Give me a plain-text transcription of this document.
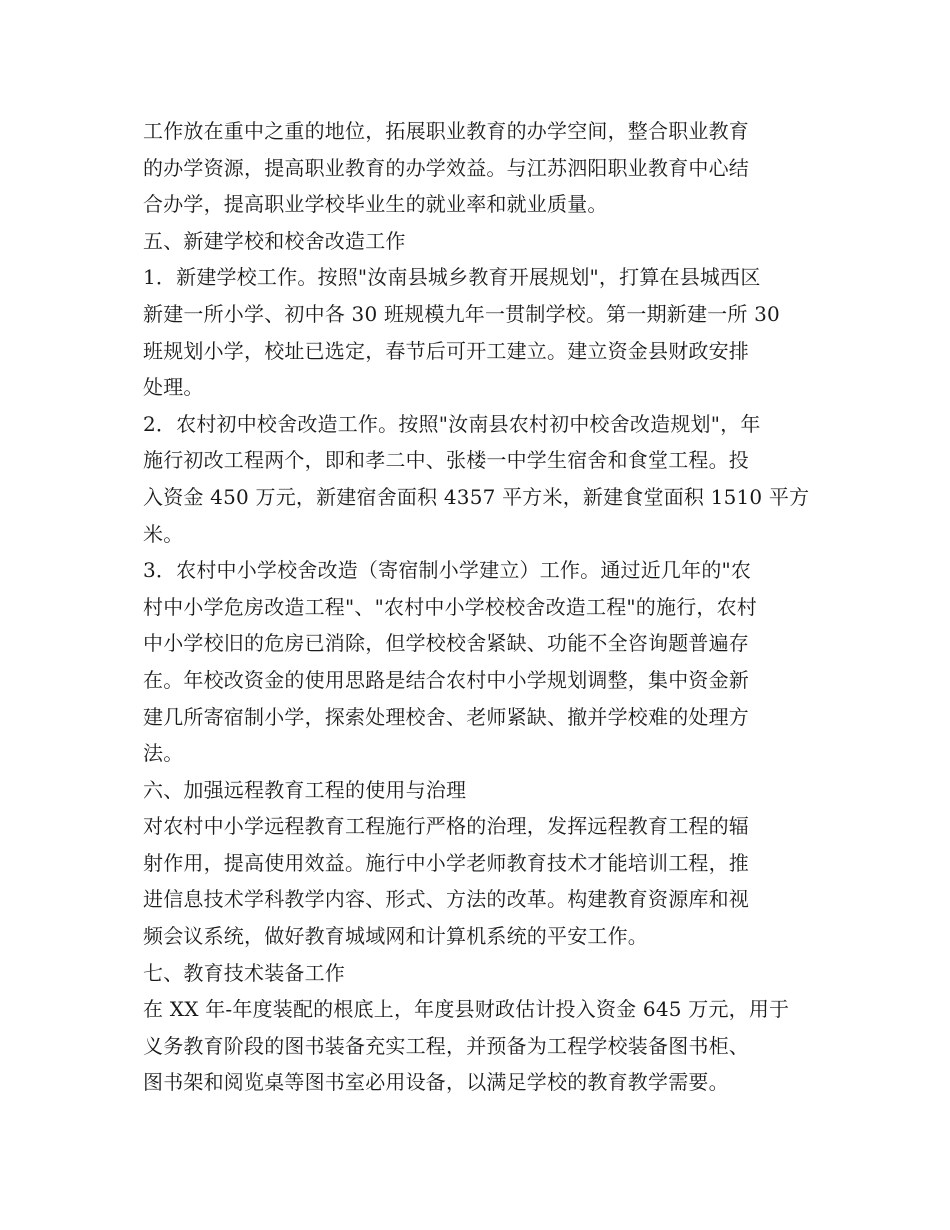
工作放在重中之重的地位，拓展职业教育的办学空间，整合职业教育
的办学资源，提高职业教育的办学效益。与江苏泗阳职业教育中心结
合办学，提高职业学校毕业生的就业率和就业质量。
五、新建学校和校舍改造工作
1．新建学校工作。按照"汝南县城乡教育开展规划"，打算在县城西区
新建一所小学、初中各 30 班规模九年一贯制学校。第一期新建一所 30
班规划小学，校址已选定，春节后可开工建立。建立资金县财政安排
处理。
2．农村初中校舍改造工作。按照"汝南县农村初中校舍改造规划"，年
施行初改工程两个，即和孝二中、张楼一中学生宿舍和食堂工程。投
入资金 450 万元，新建宿舍面积 4357 平方米，新建食堂面积 1510 平方
米。
3．农村中小学校舍改造（寄宿制小学建立）工作。通过近几年的"农
村中小学危房改造工程"、"农村中小学校校舍改造工程"的施行，农村
中小学校旧的危房已消除，但学校校舍紧缺、功能不全咨询题普遍存
在。年校改资金的使用思路是结合农村中小学规划调整，集中资金新
建几所寄宿制小学，探索处理校舍、老师紧缺、撤并学校难的处理方
法。
六、加强远程教育工程的使用与治理
对农村中小学远程教育工程施行严格的治理，发挥远程教育工程的辐
射作用，提高使用效益。施行中小学老师教育技术才能培训工程，推
进信息技术学科教学内容、形式、方法的改革。构建教育资源库和视
频会议系统，做好教育城域网和计算机系统的平安工作。
七、教育技术装备工作
在 XX 年-年度装配的根底上，年度县财政估计投入资金 645 万元，用于
义务教育阶段的图书装备充实工程，并预备为工程学校装备图书柜、
图书架和阅览桌等图书室必用设备，以满足学校的教育教学需要。
